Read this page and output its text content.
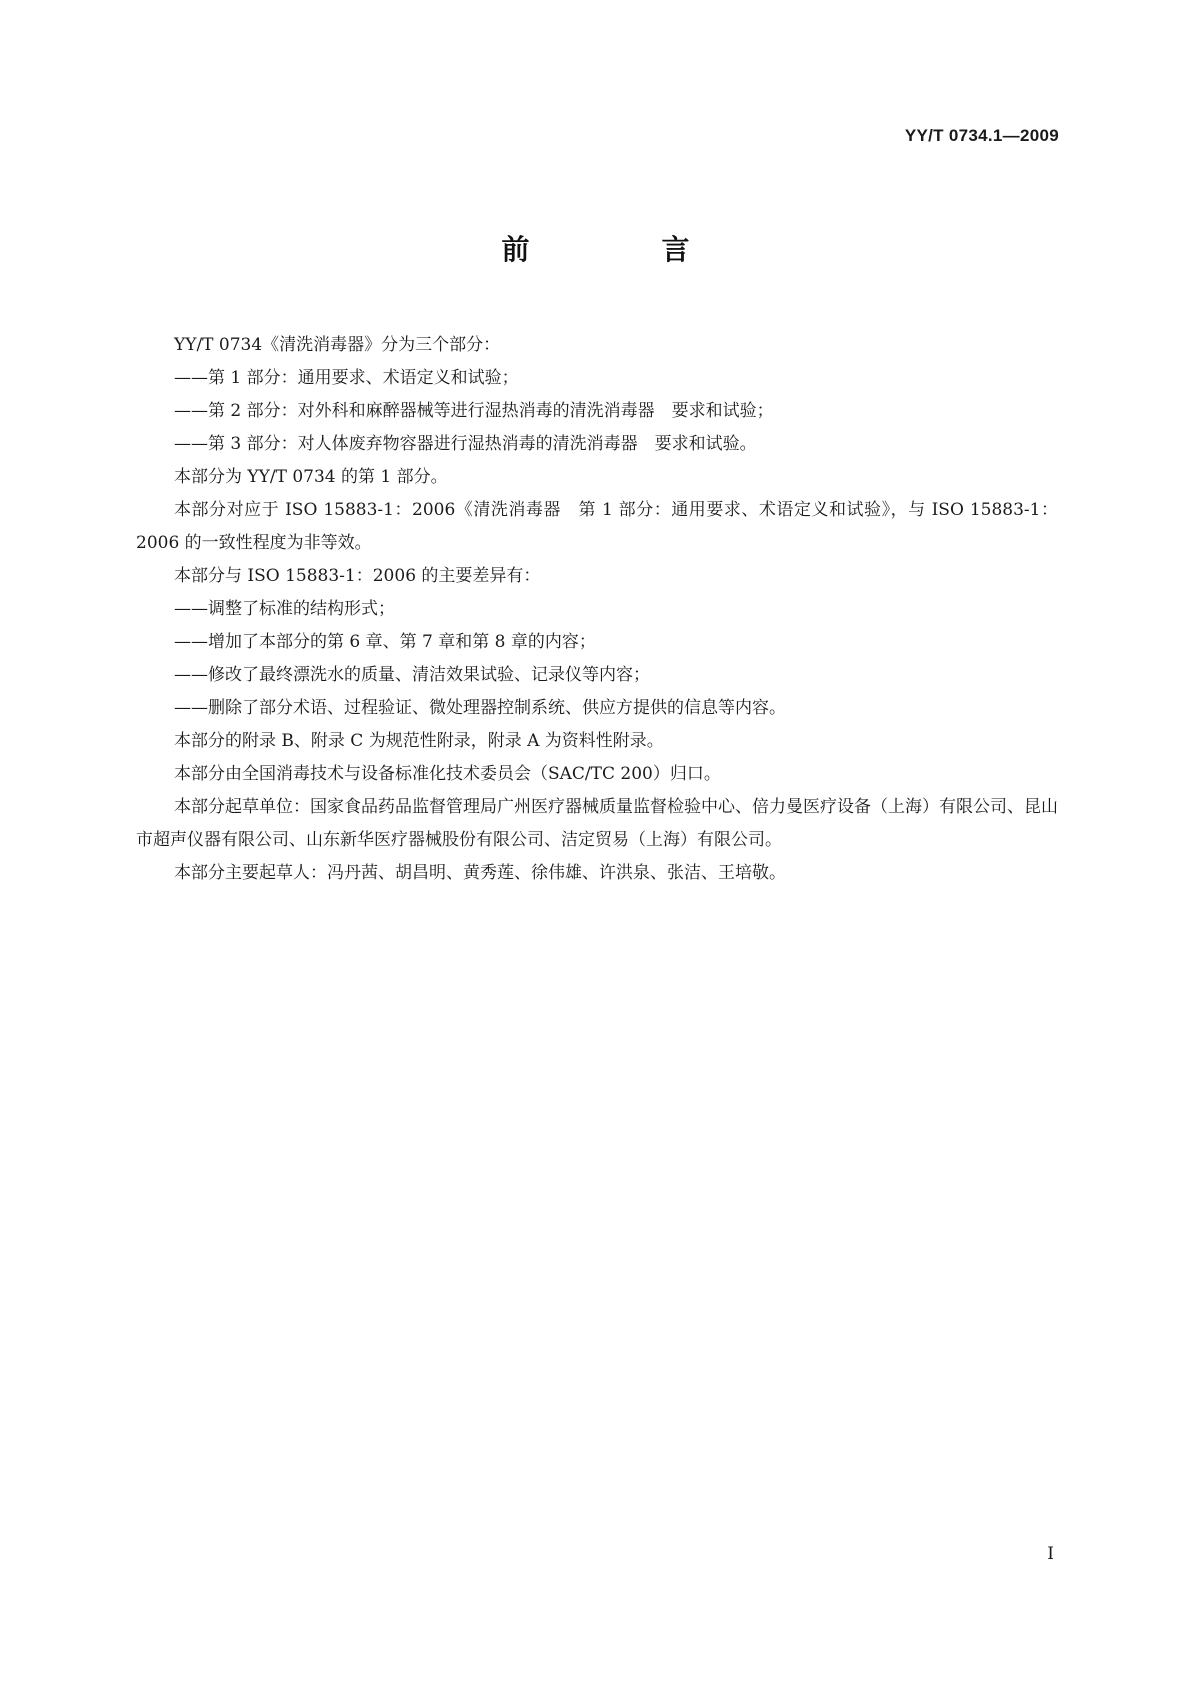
YY/T 0734.1—2009
前　言

YY/T 0734《清洗消毒器》分为三个部分：

——第 1 部分：通用要求、术语定义和试验；

——第 2 部分：对外科和麻醉器械等进行湿热消毒的清洗消毒器　要求和试验；

——第 3 部分：对人体废弃物容器进行湿热消毒的清洗消毒器　要求和试验。

本部分为 YY/T 0734 的第 1 部分。

本部分对应于 ISO 15883-1：2006《清洗消毒器　第 1 部分：通用要求、术语定义和试验》，与 ISO 15883-1：2006 的一致性程度为非等效。

本部分与 ISO 15883-1：2006 的主要差异有：

——调整了标准的结构形式；

——增加了本部分的第 6 章、第 7 章和第 8 章的内容；

——修改了最终漂洗水的质量、清洁效果试验、记录仪等内容；

——删除了部分术语、过程验证、微处理器控制系统、供应方提供的信息等内容。

本部分的附录 B、附录 C 为规范性附录，附录 A 为资料性附录。

本部分由全国消毒技术与设备标准化技术委员会（SAC/TC 200）归口。

本部分起草单位：国家食品药品监督管理局广州医疗器械质量监督检验中心、倍力曼医疗设备（上海）有限公司、昆山市超声仪器有限公司、山东新华医疗器械股份有限公司、洁定贸易（上海）有限公司。

本部分主要起草人：冯丹茜、胡昌明、黄秀莲、徐伟雄、许洪泉、张洁、王培敬。

I
